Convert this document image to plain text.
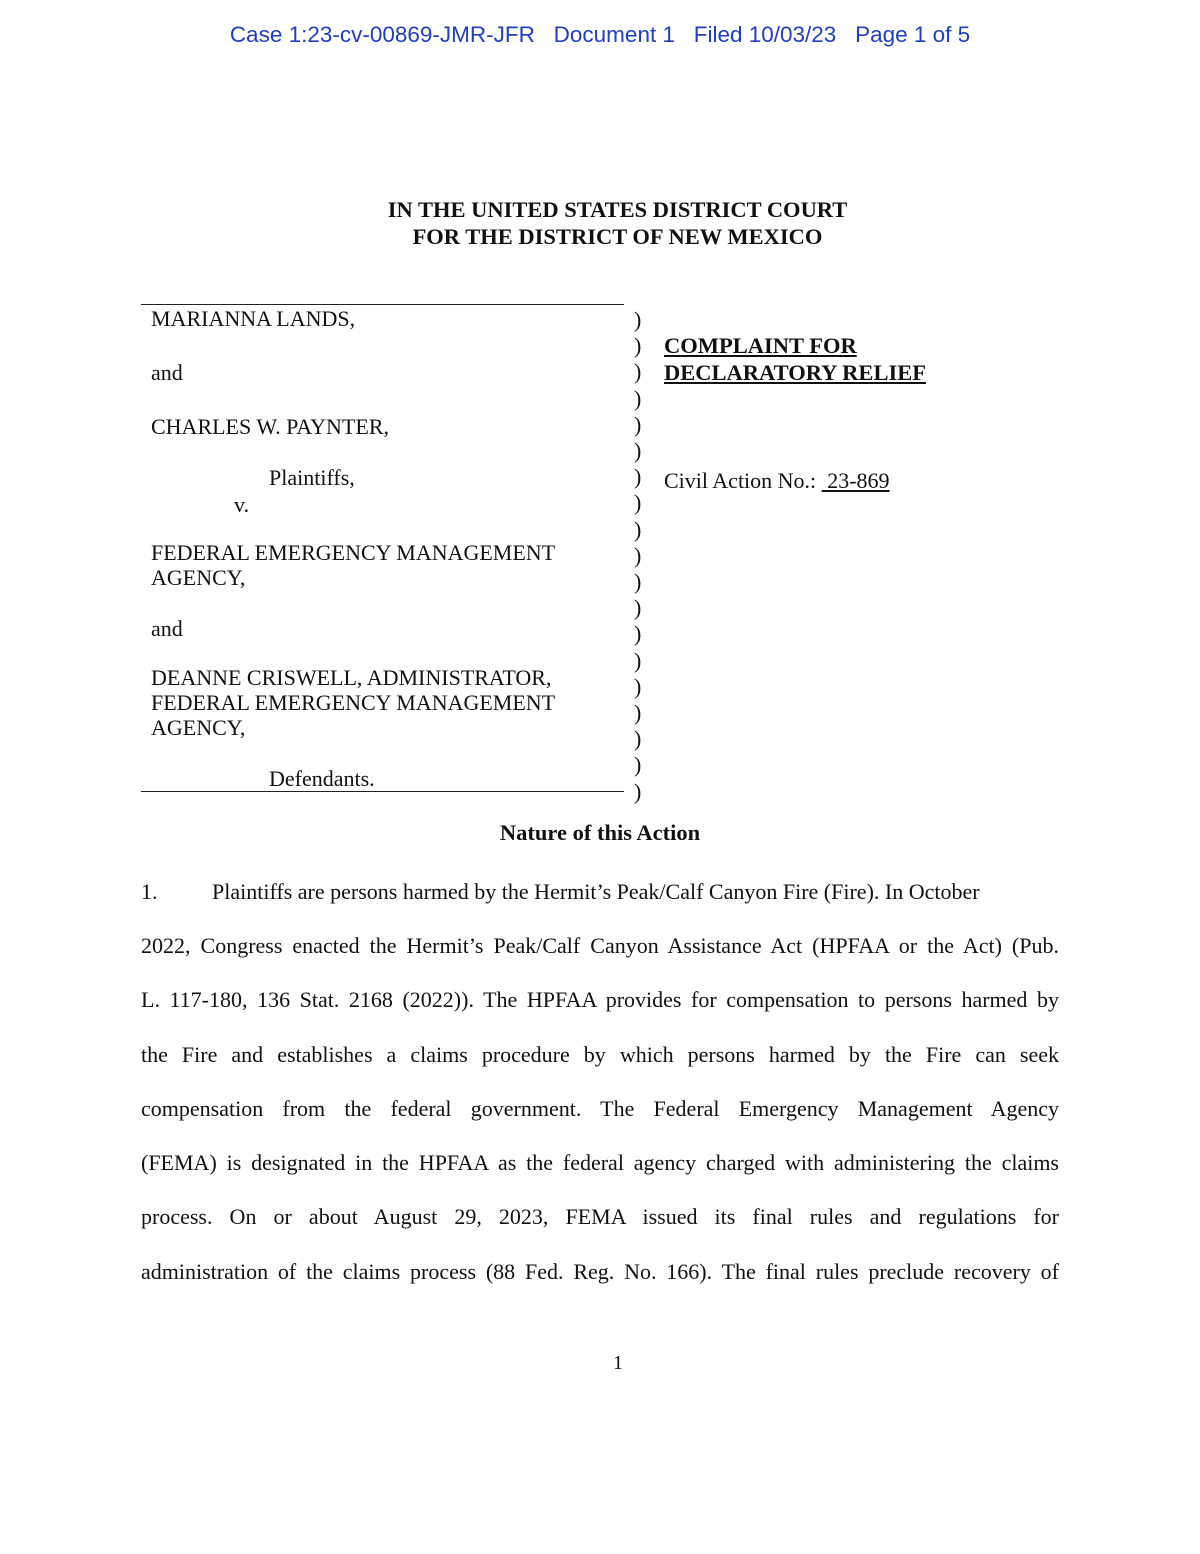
Case 1:23-cv-00869-JMR-JFR   Document 1   Filed 10/03/23   Page 1 of 5
IN THE UNITED STATES DISTRICT COURT
FOR THE DISTRICT OF NEW MEXICO
MARIANNA LANDS,
and
CHARLES W. PAYNTER,
Plaintiffs,
v.
FEDERAL EMERGENCY MANAGEMENT
AGENCY,
and
DEANNE CRISWELL, ADMINISTRATOR,
FEDERAL EMERGENCY MANAGEMENT
AGENCY,
Defendants.
)
)
)
)
)
)
)
)
)
)
)
)
)
)
)
)
)
)
)
COMPLAINT FOR
DECLARATORY RELIEF
Civil Action No.:  23-869
Nature of this Action
1. Plaintiffs are persons harmed by the Hermit’s Peak/Calf Canyon Fire (Fire). In October
2022, Congress enacted the Hermit’s Peak/Calf Canyon Assistance Act (HPFAA or the Act) (Pub.
L. 117-180, 136 Stat. 2168 (2022)). The HPFAA provides for compensation to persons harmed by
the Fire and establishes a claims procedure by which persons harmed by the Fire can seek
compensation from the federal government. The Federal Emergency Management Agency
(FEMA) is designated in the HPFAA as the federal agency charged with administering the claims
process. On or about August 29, 2023, FEMA issued its final rules and regulations for
administration of the claims process (88 Fed. Reg. No. 166). The final rules preclude recovery of
1
